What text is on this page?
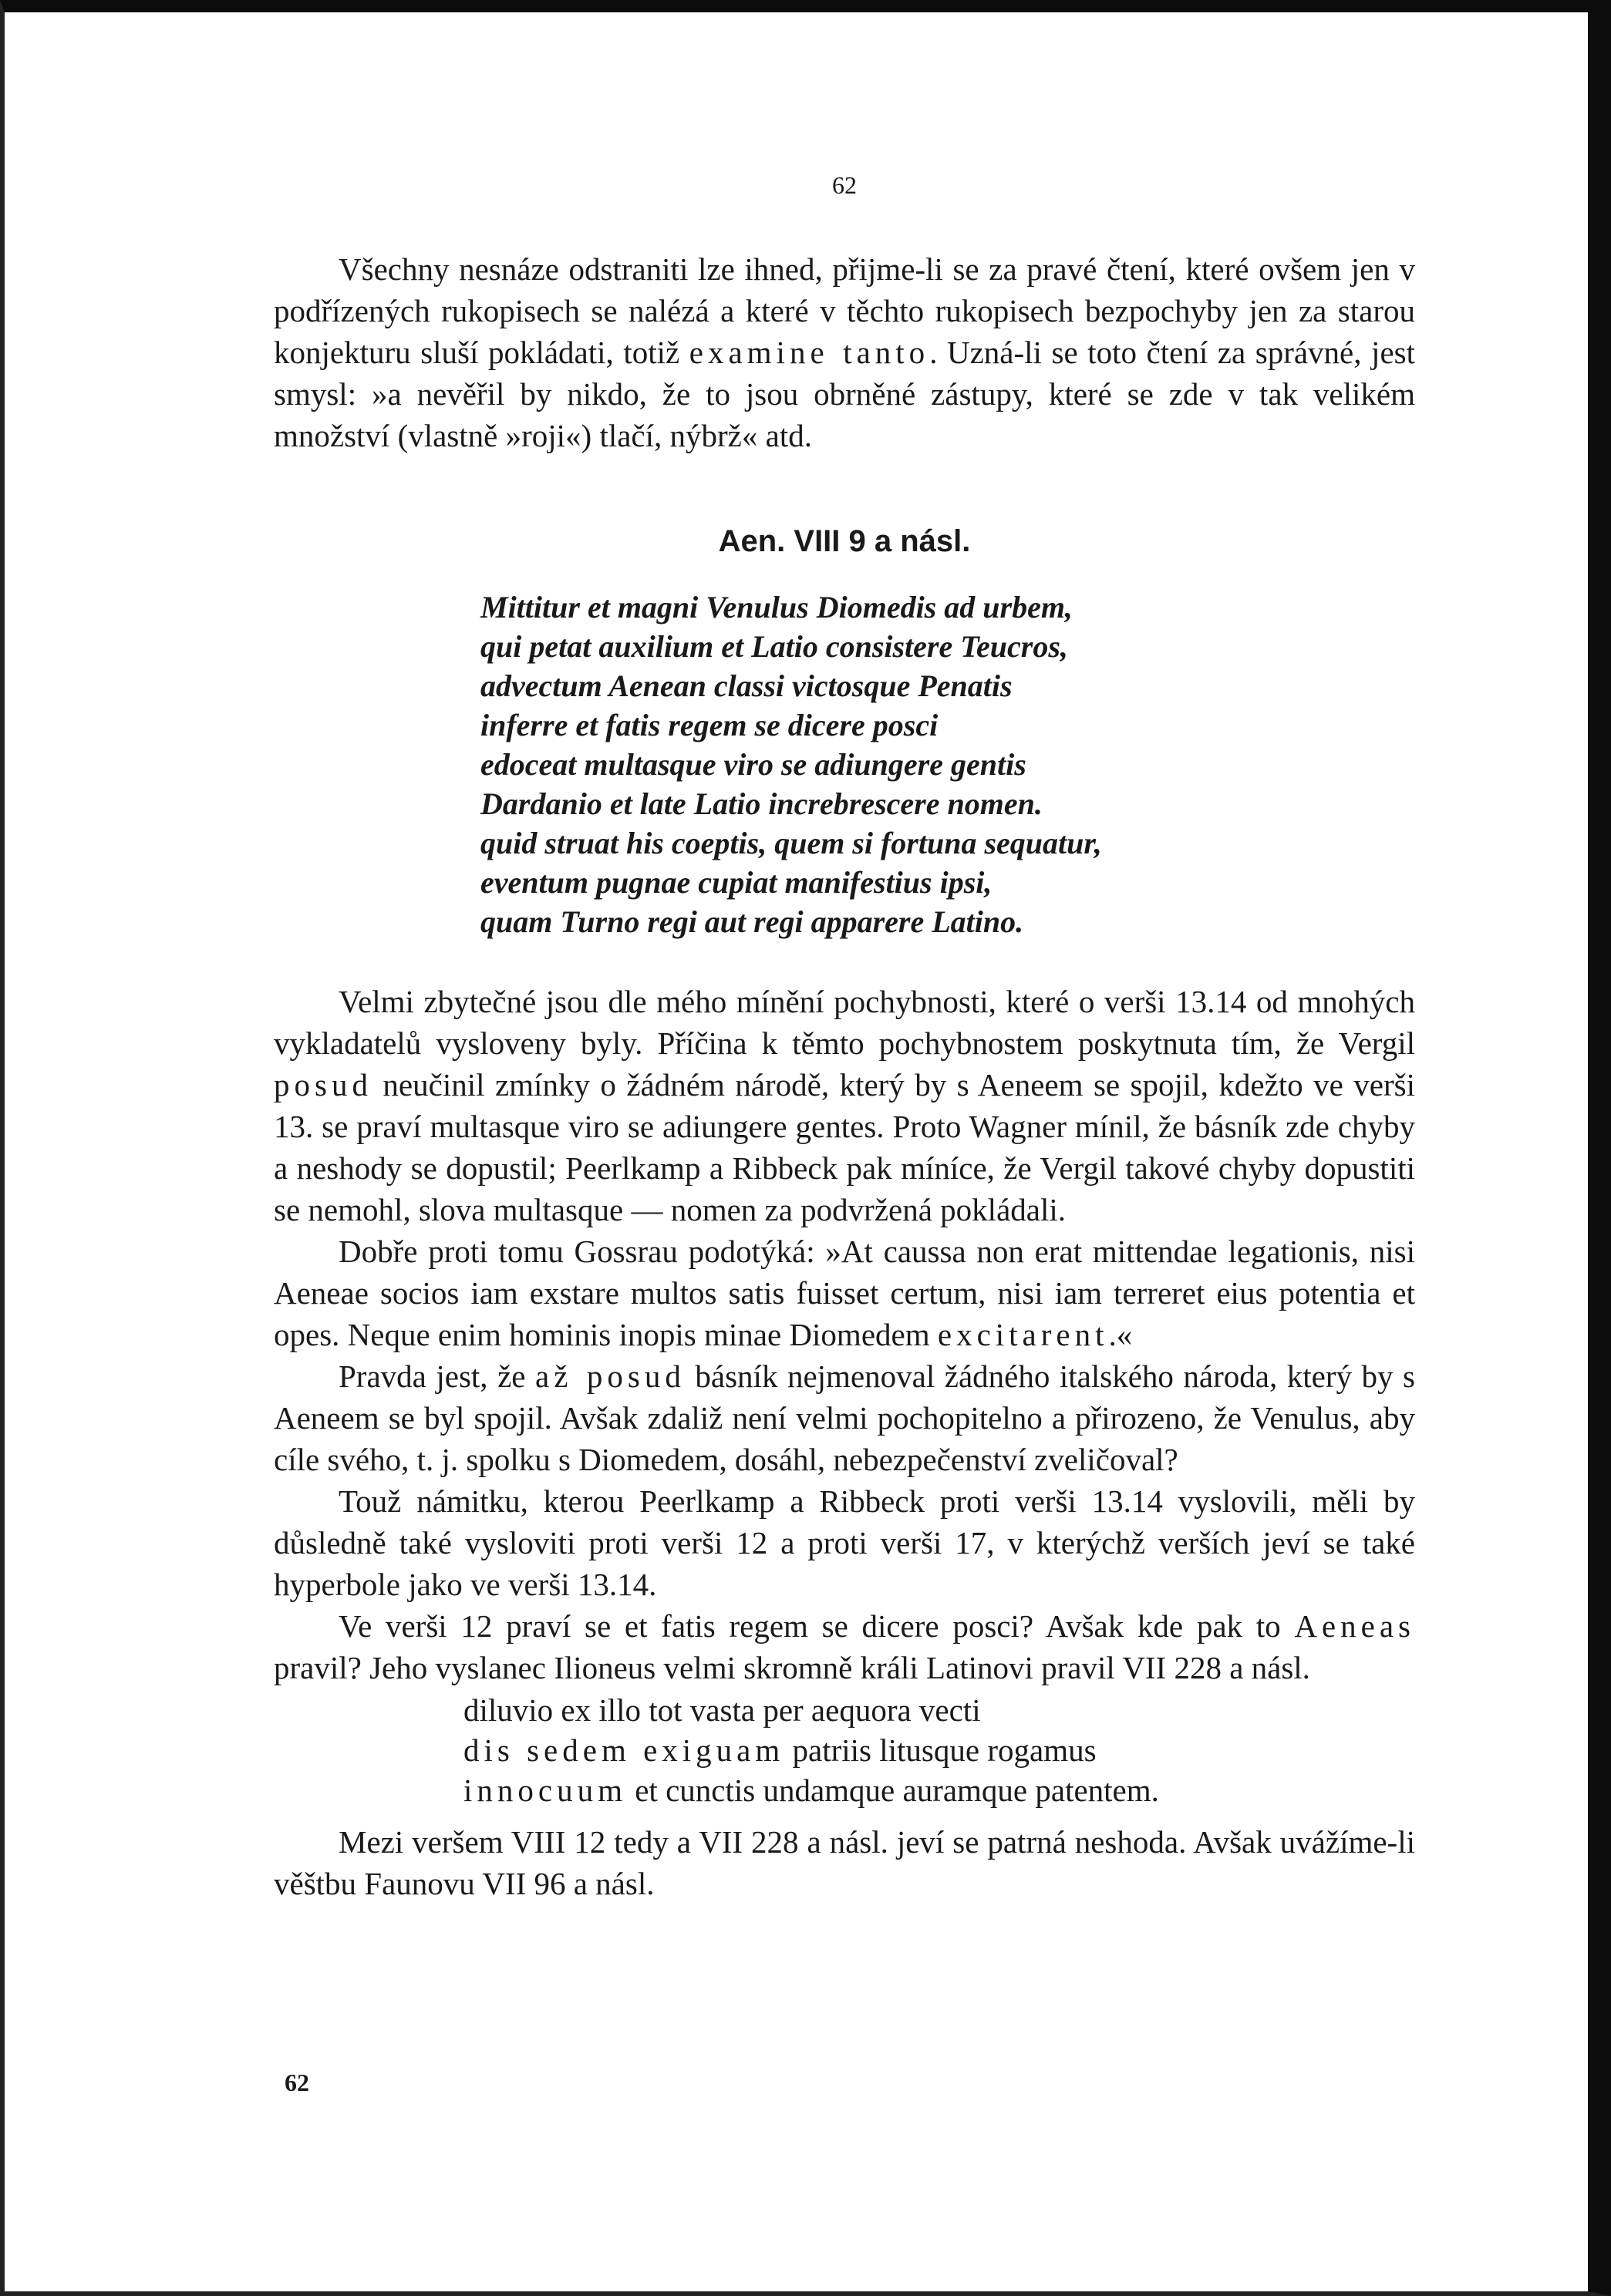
62

Všechny nesnáze odstraniti lze ihned, přijme-li se za pravé čtení, které ovšem jen v podřízených rukopisech se nalézá a které v těchto rukopisech bezpochyby jen za starou konjekturu sluší pokládati, totiž examine tanto. Uzná-li se toto čtení za správné, jest smysl: »a nevěřil by nikdo, že to jsou obrněné zástupy, které se zde v tak velikém množství (vlastně »roji«) tlačí, nýbrž« atd.

Aen. VIII 9 a násl.
Mittitur et magni Venulus Diomedis ad urbem,
qui petat auxilium et Latio consistere Teucros,
advectum Aenean classi victosque Penatis
inferre et fatis regem se dicere posci
edoceat multasque viro se adiungere gentis
Dardanio et late Latio increbrescere nomen.
quid struat his coeptis, quem si fortuna sequatur,
eventum pugnae cupiat manifestius ipsi,
quam Turno regi aut regi apparere Latino.

Velmi zbytečné jsou dle mého mínění pochybnosti, které o verši 13.14 od mnohých vykladatelů vysloveny byly. Příčina k těmto pochybnostem poskytnuta tím, že Vergil posud neučinil zmínky o žádném národě, který by s Aeneem se spojil, kdežto ve verši 13. se praví multasque viro se adiungere gentes. Proto Wagner mínil, že básník zde chyby a neshody se dopustil; Peerlkamp a Ribbeck pak míníce, že Vergil takové chyby dopustiti se nemohl, slova multasque — nomen za podvržená pokládali.

Dobře proti tomu Gossrau podotýká: »At caussa non erat mittendae legationis, nisi Aeneae socios iam exstare multos satis fuisset certum, nisi iam terreret eius potentia et opes. Neque enim hominis inopis minae Diomedem excitarent.«

Pravda jest, že až posud básník nejmenoval žádného italského národa, který by s Aeneem se byl spojil. Avšak zdaliž není velmi pochopitelno a přirozeno, že Venulus, aby cíle svého, t. j. spolku s Diomedem, dosáhl, nebezpečenství zveličoval?

Touž námitku, kterou Peerlkamp a Ribbeck proti verši 13.14 vyslovili, měli by důsledně také vysloviti proti verši 12 a proti verši 17, v kterýchž verších jeví se také hyperbole jako ve verši 13.14.

Ve verši 12 praví se et fatis regem se dicere posci? Avšak kde pak to Aeneas pravil? Jeho vyslanec Ilioneus velmi skromně králi Latinovi pravil VII 228 a násl.

diluvio ex illo tot vasta per aequora vecti
dis sedem exiguam patriis litusque rogamus
innocuum et cunctis undamque auramque patentem.

Mezi veršem VIII 12 tedy a VII 228 a násl. jeví se patrná neshoda. Avšak uvážíme-li věštbu Faunovu VII 96 a násl.

62
